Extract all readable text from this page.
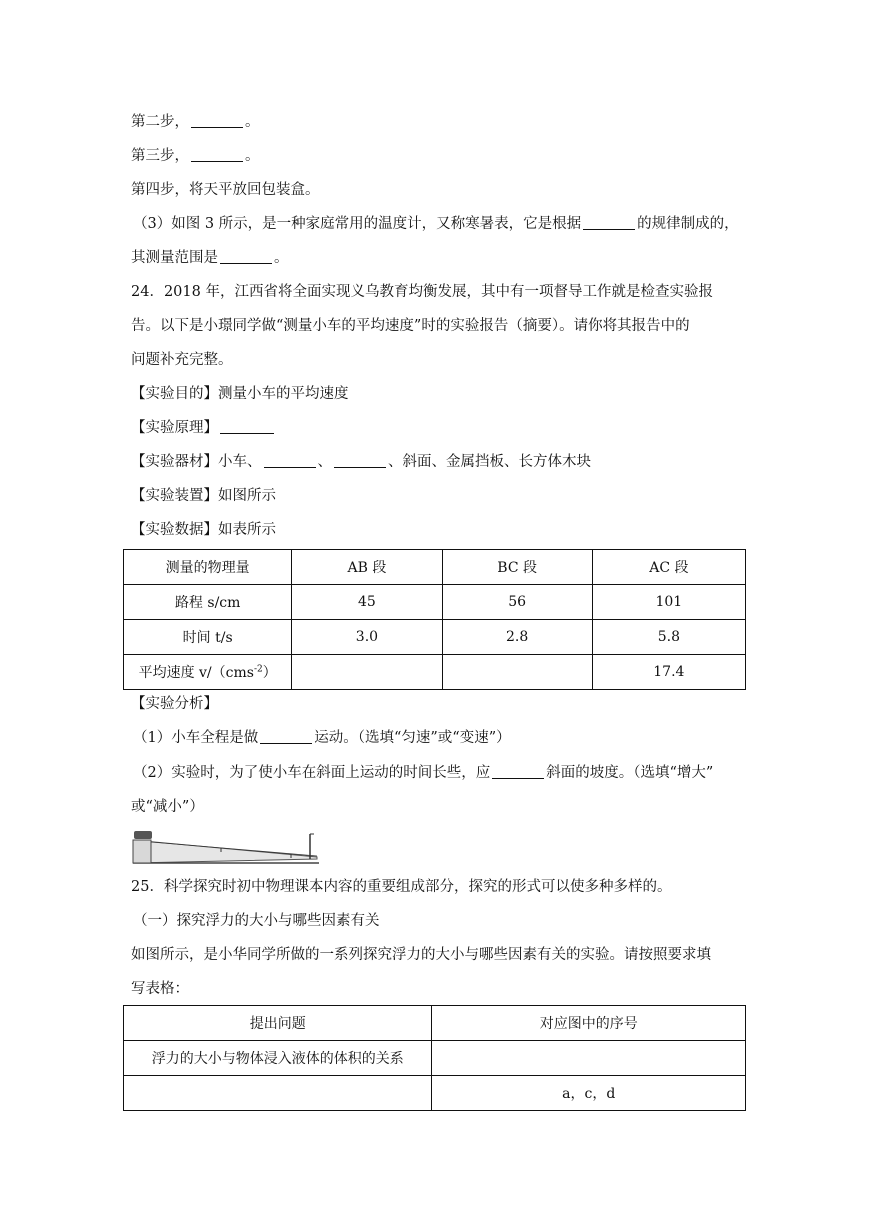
第二步，	。
第三步，	。
第四步，将天平放回包装盒。
（3）如图 3 所示，是一种家庭常用的温度计，又称寒暑表，它是根据	的规律制成的，
其测量范围是	。
24．2018 年，江西省将全面实现义乌教育均衡发展，其中有一项督导工作就是检查实验报
告。以下是小璟同学做“测量小车的平均速度”时的实验报告（摘要）。请你将其报告中的
问题补充完整。
【实验目的】测量小车的平均速度
【实验原理】
【实验器材】小车、	、	、斜面、金属挡板、长方体木块
【实验装置】如图所示
【实验数据】如表所示
测量的物理量	AB 段	BC 段	AC 段
路程 s/cm	45	56	101
时间 t/s	3.0	2.8	5.8
平均速度 v/（cms$^{-2}$）			17.4
【实验分析】
（1）小车全程是做	运动。（选填“匀速”或“变速”）
（2）实验时，为了使小车在斜面上运动的时间长些，应	斜面的坡度。（选填“增大”
或“减小”）
25．科学探究时初中物理课本内容的重要组成部分，探究的形式可以使多种多样的。
（一）探究浮力的大小与哪些因素有关
如图所示，是小华同学所做的一系列探究浮力的大小与哪些因素有关的实验。请按照要求填
写表格：
提出问题	对应图中的序号
浮力的大小与物体浸入液体的体积的关系	
	a，c，d
